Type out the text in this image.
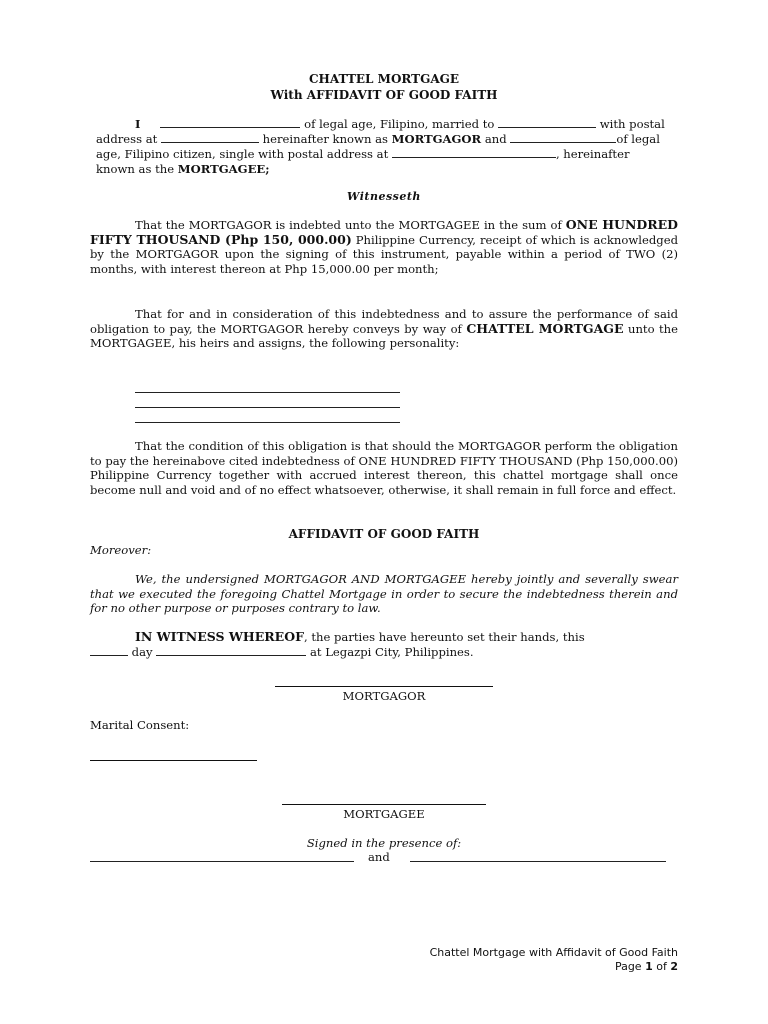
CHATTEL MORTGAGE
With AFFIDAVIT OF GOOD FAITH
I	of legal age, Filipino, married to	with postal
address at	hereinafter known as MORTGAGOR and	of legal
age, Filipino citizen, single with postal address at	, hereinafter
known as the MORTGAGEE;
Witnesseth
That the MORTGAGOR is indebted unto the MORTGAGEE in the sum of ONE HUNDRED FIFTY THOUSAND (Php 150, 000.00) Philippine Currency, receipt of which is acknowledged by the MORTGAGOR upon the signing of this instrument, payable within a period of TWO (2) months, with interest thereon at Php 15,000.00 per month;
That for and in consideration of this indebtedness and to assure the performance of said obligation to pay, the MORTGAGOR hereby conveys by way of CHATTEL MORTGAGE unto the MORTGAGEE, his heirs and assigns, the following personality:
That the condition of this obligation is that should the MORTGAGOR perform the obligation to pay the hereinabove cited indebtedness of ONE HUNDRED FIFTY THOUSAND (Php 150,000.00) Philippine Currency together with accrued interest thereon, this chattel mortgage shall once become null and void and of no effect whatsoever, otherwise, it shall remain in full force and effect.
AFFIDAVIT OF GOOD FAITH
Moreover:
We, the undersigned MORTGAGOR AND MORTGAGEE hereby jointly and severally swear that we executed the foregoing Chattel Mortgage in order to secure the indebtedness therein and for no other purpose or purposes contrary to law.
IN WITNESS WHEREOF, the parties have hereunto set their hands, this
day	at Legazpi City, Philippines.
MORTGAGOR
Marital Consent:
MORTGAGEE
Signed in the presence of:
and
Chattel Mortgage with Affidavit of Good Faith
Page 1 of 2
